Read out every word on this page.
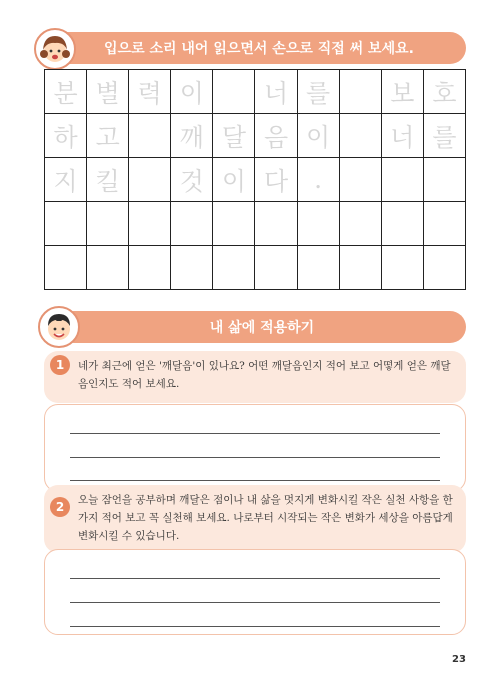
입으로 소리 내어 읽으면서 손으로 직접 써 보세요.
분	별	력	이		너	를		보	호
하	고		깨	달	음	이		너	를
지	킬		것	이	다	.			

내 삶에 적용하기
1	네가 최근에 얻은 '깨달음'이 있나요? 어떤 깨달음인지 적어 보고 어떻게 얻은 깨달음인지도 적어 보세요.
2	오늘 잠언을 공부하며 깨달은 점이나 내 삶을 멋지게 변화시킬 작은 실천 사항을 한 가지 적어 보고 꼭 실천해 보세요. 나로부터 시작되는 작은 변화가 세상을 아름답게 변화시킬 수 있습니다.
23
